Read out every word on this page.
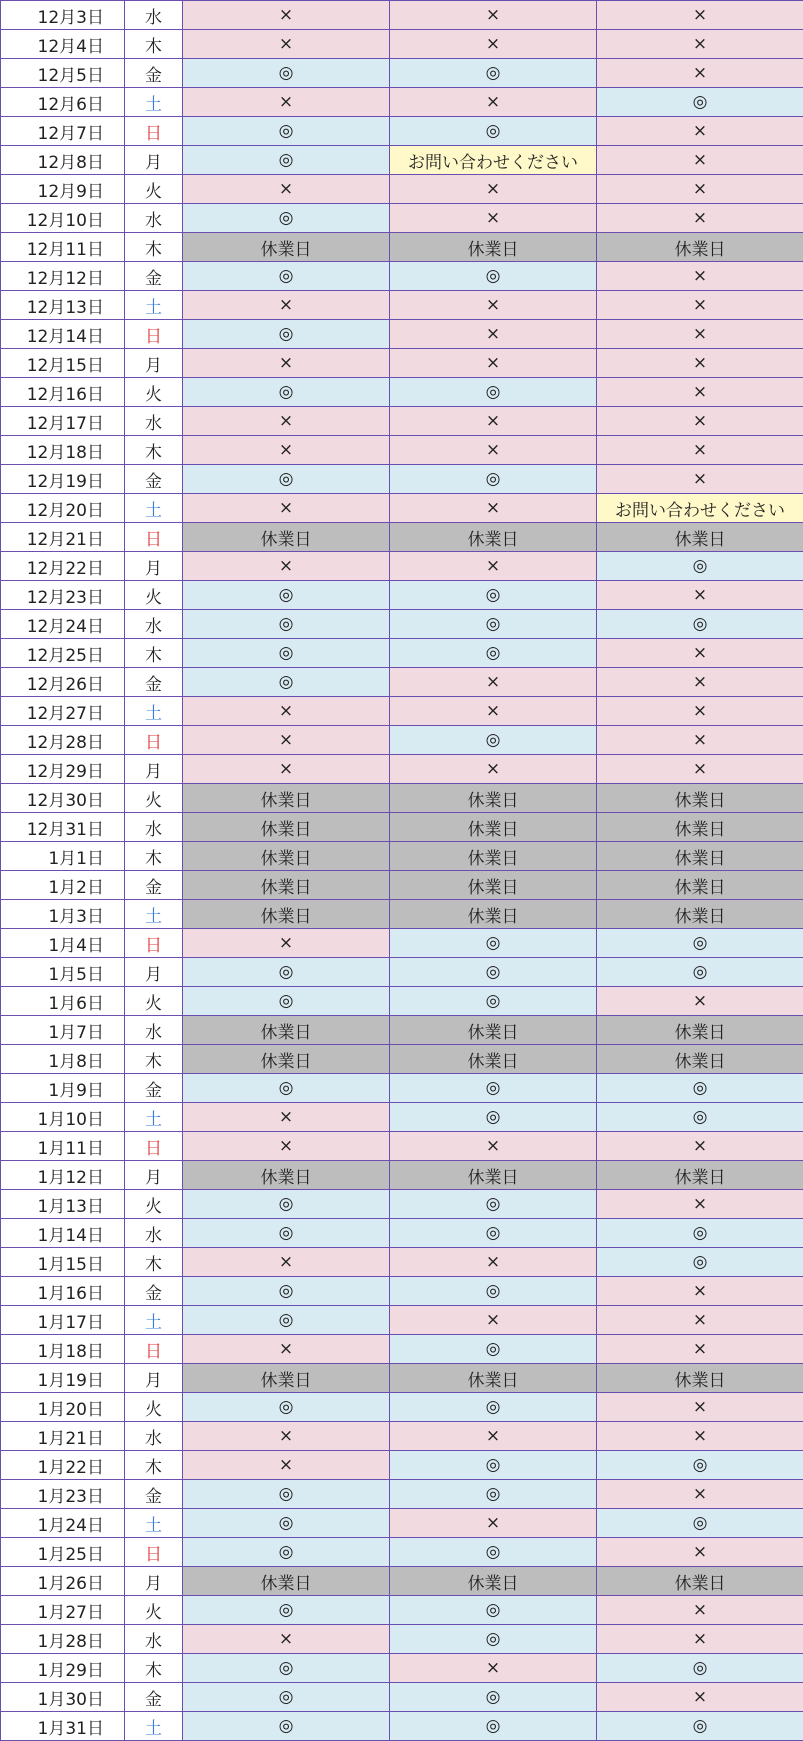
12月3日	水	×	×	×
12月4日	木	×	×	×
12月5日	金	◎	◎	×
12月6日	土	×	×	◎
12月7日	日	◎	◎	×
12月8日	月	◎	お問い合わせください	×
12月9日	火	×	×	×
12月10日	水	◎	×	×
12月11日	木	休業日	休業日	休業日
12月12日	金	◎	◎	×
12月13日	土	×	×	×
12月14日	日	◎	×	×
12月15日	月	×	×	×
12月16日	火	◎	◎	×
12月17日	水	×	×	×
12月18日	木	×	×	×
12月19日	金	◎	◎	×
12月20日	土	×	×	お問い合わせください
12月21日	日	休業日	休業日	休業日
12月22日	月	×	×	◎
12月23日	火	◎	◎	×
12月24日	水	◎	◎	◎
12月25日	木	◎	◎	×
12月26日	金	◎	×	×
12月27日	土	×	×	×
12月28日	日	×	◎	×
12月29日	月	×	×	×
12月30日	火	休業日	休業日	休業日
12月31日	水	休業日	休業日	休業日
1月1日	木	休業日	休業日	休業日
1月2日	金	休業日	休業日	休業日
1月3日	土	休業日	休業日	休業日
1月4日	日	×	◎	◎
1月5日	月	◎	◎	◎
1月6日	火	◎	◎	×
1月7日	水	休業日	休業日	休業日
1月8日	木	休業日	休業日	休業日
1月9日	金	◎	◎	◎
1月10日	土	×	◎	◎
1月11日	日	×	×	×
1月12日	月	休業日	休業日	休業日
1月13日	火	◎	◎	×
1月14日	水	◎	◎	◎
1月15日	木	×	×	◎
1月16日	金	◎	◎	×
1月17日	土	◎	×	×
1月18日	日	×	◎	×
1月19日	月	休業日	休業日	休業日
1月20日	火	◎	◎	×
1月21日	水	×	×	×
1月22日	木	×	◎	◎
1月23日	金	◎	◎	×
1月24日	土	◎	×	◎
1月25日	日	◎	◎	×
1月26日	月	休業日	休業日	休業日
1月27日	火	◎	◎	×
1月28日	水	×	◎	×
1月29日	木	◎	×	◎
1月30日	金	◎	◎	×
1月31日	土	◎	◎	◎
